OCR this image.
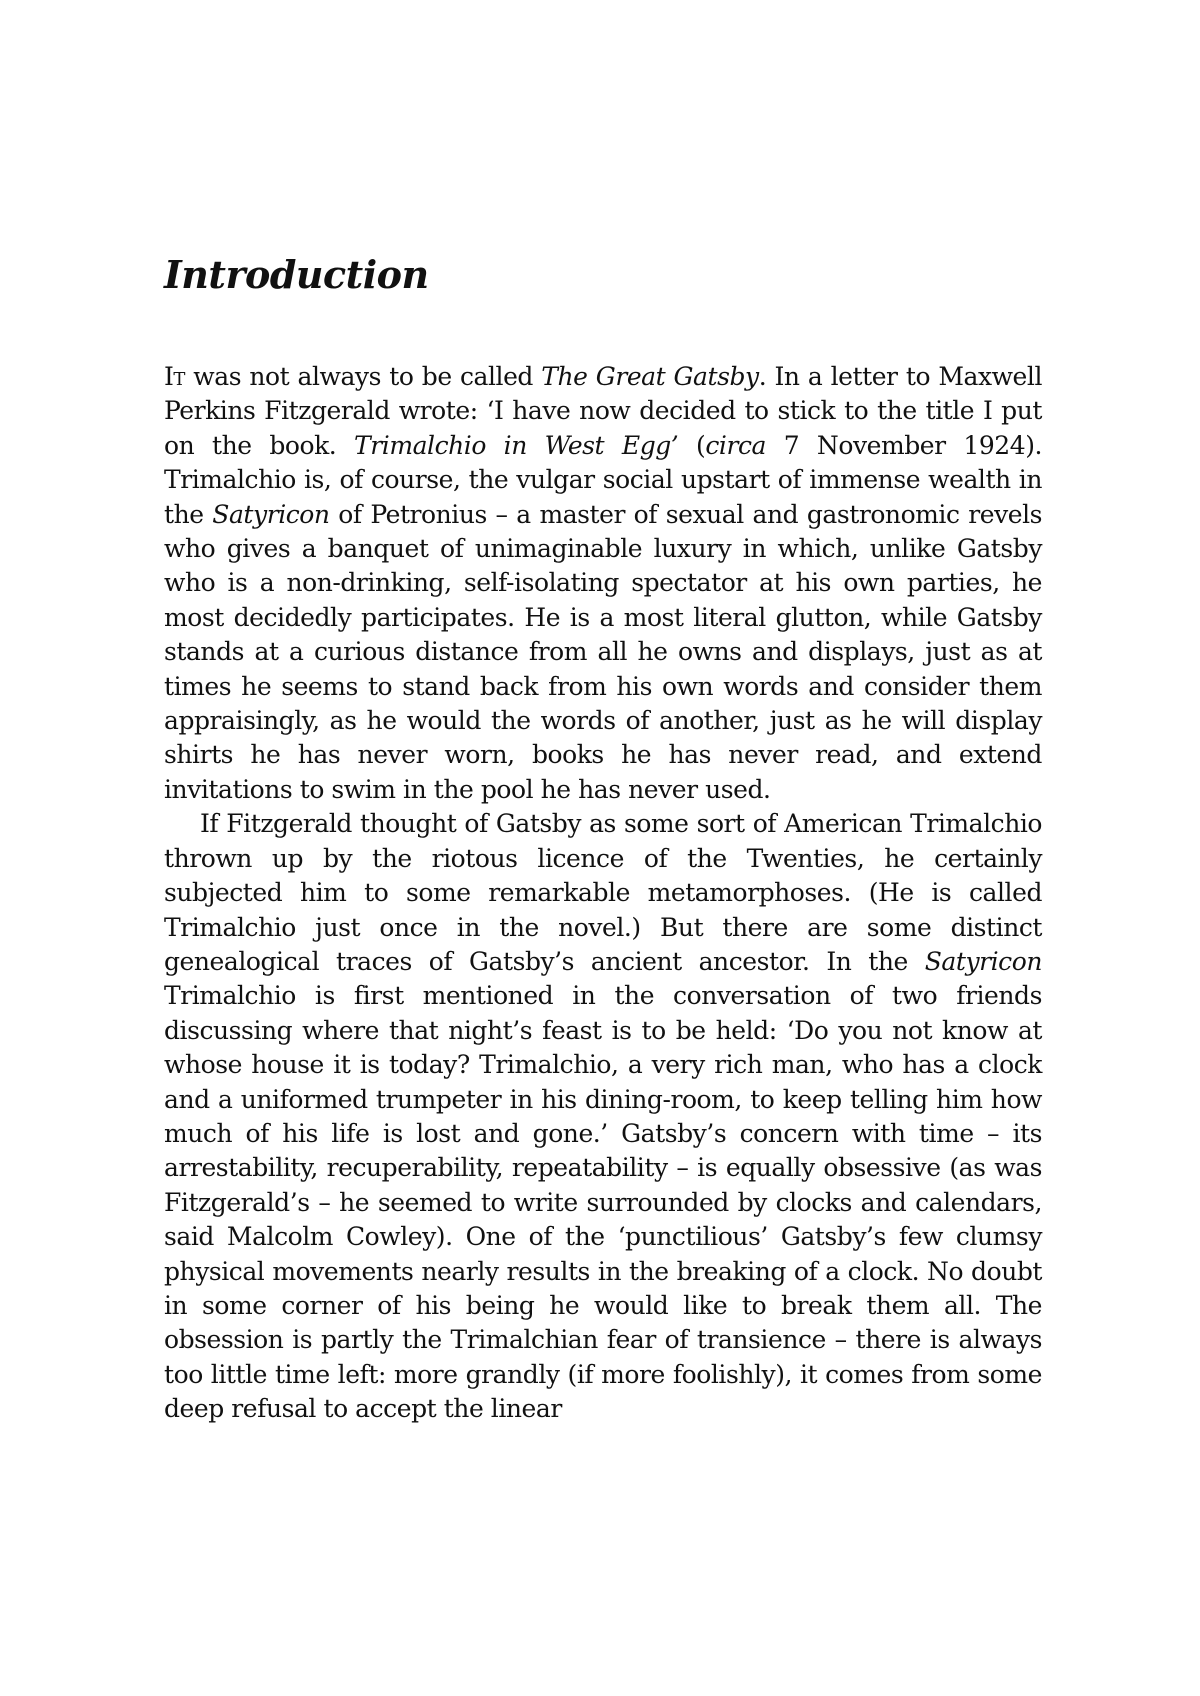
Introduction

It was not always to be called The Great Gatsby. In a letter to Maxwell Perkins Fitzgerald wrote: ‘I have now decided to stick to the title I put on the book. Trimalchio in West Egg’ (circa 7 November 1924). Trimalchio is, of course, the vulgar social upstart of immense wealth in the Satyricon of Petronius – a master of sexual and gastronomic revels who gives a banquet of unimaginable luxury in which, unlike Gatsby who is a non-drinking, self-isolating spectator at his own parties, he most decidedly participates. He is a most literal glutton, while Gatsby stands at a curious distance from all he owns and displays, just as at times he seems to stand back from his own words and consider them appraisingly, as he would the words of another, just as he will display shirts he has never worn, books he has never read, and extend invitations to swim in the pool he has never used.

If Fitzgerald thought of Gatsby as some sort of American Trimalchio thrown up by the riotous licence of the Twenties, he certainly subjected him to some remarkable metamorphoses. (He is called Trimalchio just once in the novel.) But there are some distinct genealogical traces of Gatsby’s ancient ancestor. In the Satyricon Trimalchio is first mentioned in the conversation of two friends discussing where that night’s feast is to be held: ‘Do you not know at whose house it is today? Trimalchio, a very rich man, who has a clock and a uniformed trumpeter in his dining-room, to keep telling him how much of his life is lost and gone.’ Gatsby’s concern with time – its arrestability, recuperability, repeatability – is equally obsessive (as was Fitzgerald’s – he seemed to write surrounded by clocks and calendars, said Malcolm Cowley). One of the ‘punctilious’ Gatsby’s few clumsy physical movements nearly results in the breaking of a clock. No doubt in some corner of his being he would like to break them all. The obsession is partly the Trimalchian fear of transience – there is always too little time left: more grandly (if more foolishly), it comes from some deep refusal to accept the linear
